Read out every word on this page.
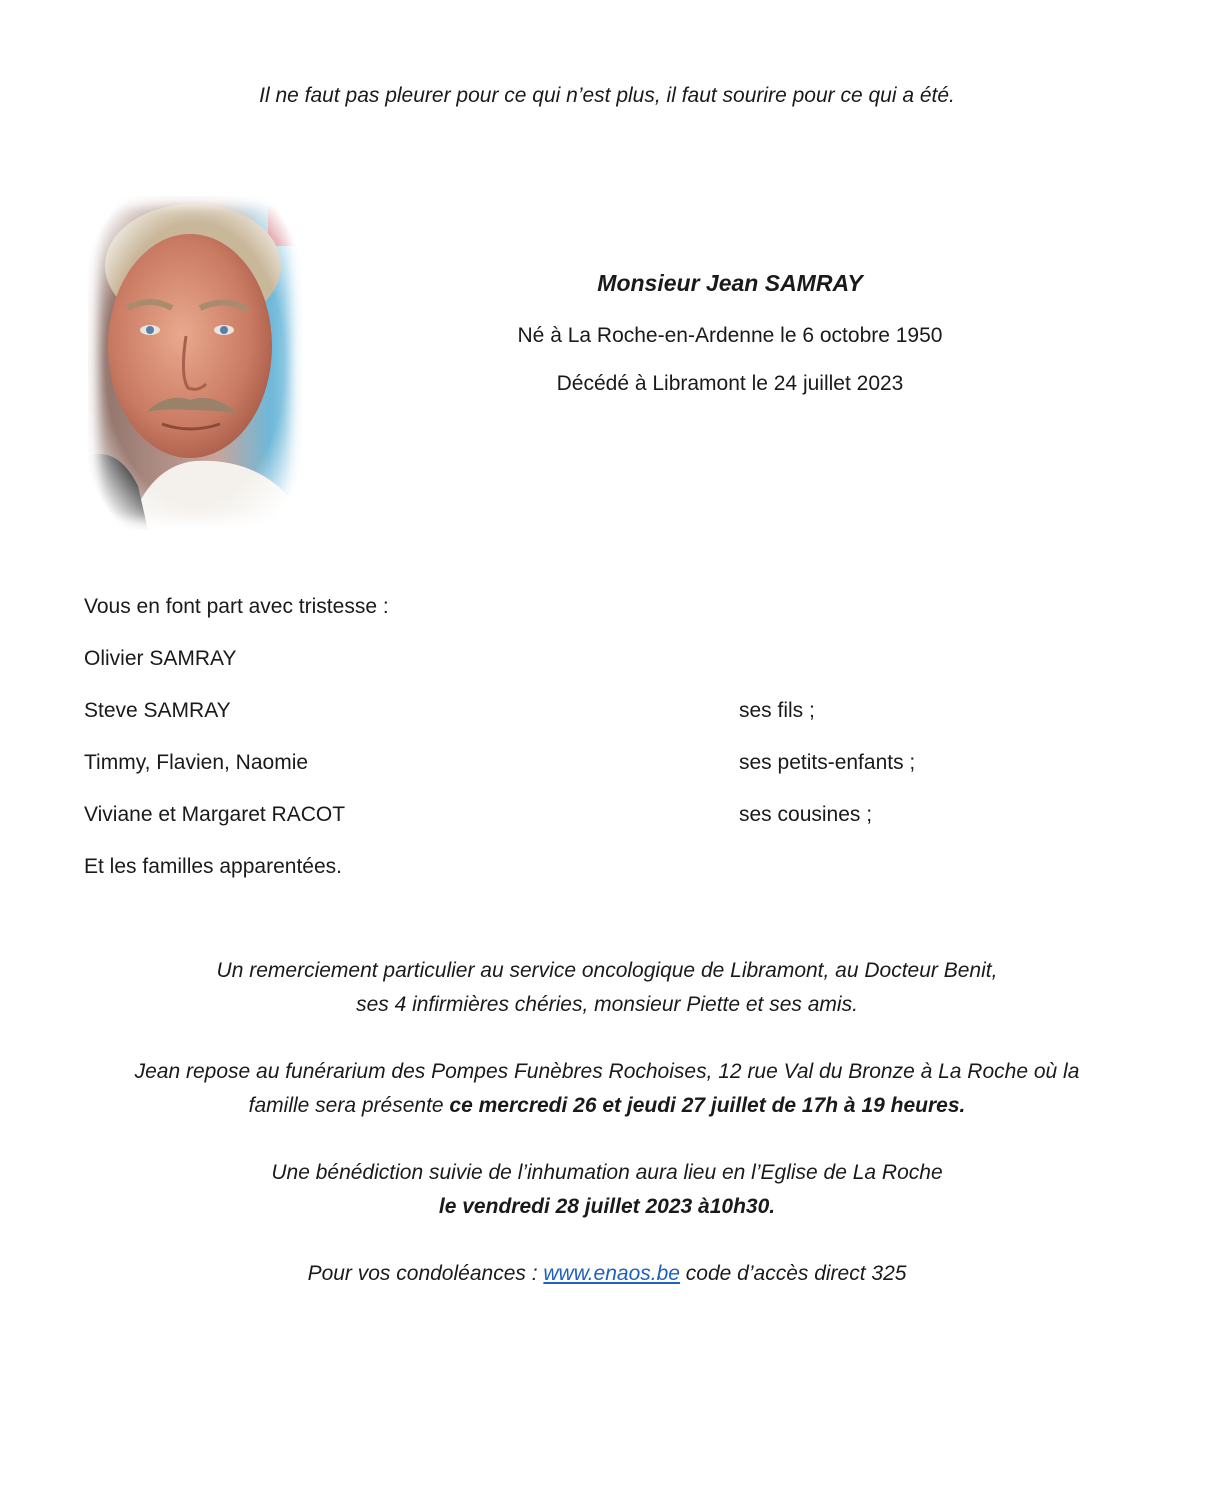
Il ne faut pas pleurer pour ce qui n’est plus, il faut sourire pour ce qui a été.

Monsieur Jean SAMRAY

Né à La Roche-en-Ardenne le 6 octobre 1950

Décédé à Libramont le 24 juillet 2023

Vous en font part avec tristesse :
Olivier SAMRAY
Steve SAMRAY	ses fils ;
Timmy, Flavien, Naomie	ses petits-enfants ;
Viviane et Margaret RACOT	ses cousines ;
Et les familles apparentées.

Un remerciement particulier au service oncologique de Libramont, au Docteur Benit,
ses 4 infirmières chéries, monsieur Piette et ses amis.

Jean repose au funérarium des Pompes Funèbres Rochoises, 12 rue Val du Bronze à La Roche où la
famille sera présente ce mercredi 26 et jeudi 27 juillet de 17h à 19 heures.

Une bénédiction suivie de l’inhumation aura lieu en l’Eglise de La Roche
le vendredi 28 juillet 2023 à10h30.

Pour vos condoléances : www.enaos.be code d’accès direct 325
